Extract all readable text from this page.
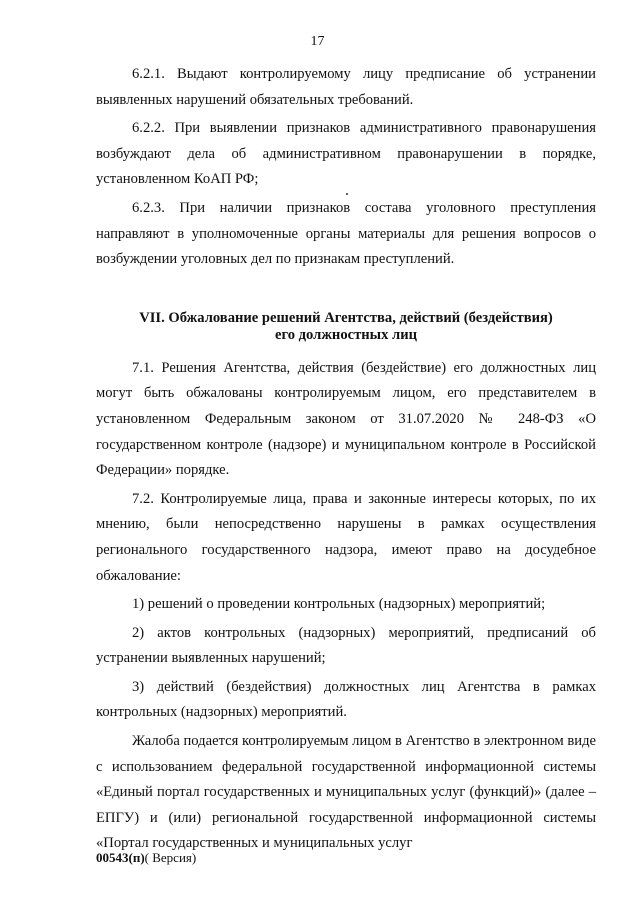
17

6.2.1. Выдают контролируемому лицу предписание об устранении выявленных нарушений обязательных требований.

6.2.2. При выявлении признаков административного правонарушения возбуждают дела об административном правонарушении в порядке, установленном КоАП РФ;

6.2.3. При наличии признаков состава уголовного преступления направляют в уполномоченные органы материалы для решения вопросов о возбуждении уголовных дел по признакам преступлений.

VII. Обжалование решений Агентства, действий (бездействия)
его должностных лиц

7.1. Решения Агентства, действия (бездействие) его должностных лиц могут быть обжалованы контролируемым лицом, его представителем в установленном Федеральным законом от 31.07.2020 № 248-ФЗ «О государственном контроле (надзоре) и муниципальном контроле в Российской Федерации» порядке.

7.2. Контролируемые лица, права и законные интересы которых, по их мнению, были непосредственно нарушены в рамках осуществления регионального государственного надзора, имеют право на досудебное обжалование:

1) решений о проведении контрольных (надзорных) мероприятий;

2) актов контрольных (надзорных) мероприятий, предписаний об устранении выявленных нарушений;

3) действий (бездействия) должностных лиц Агентства в рамках контрольных (надзорных) мероприятий.

Жалоба подается контролируемым лицом в Агентство в электронном виде с использованием федеральной государственной информационной системы «Единый портал государственных и муниципальных услуг (функций)» (далее – ЕПГУ) и (или) региональной государственной информационной системы «Портал государственных и муниципальных услуг

00543(п)( Версия)
